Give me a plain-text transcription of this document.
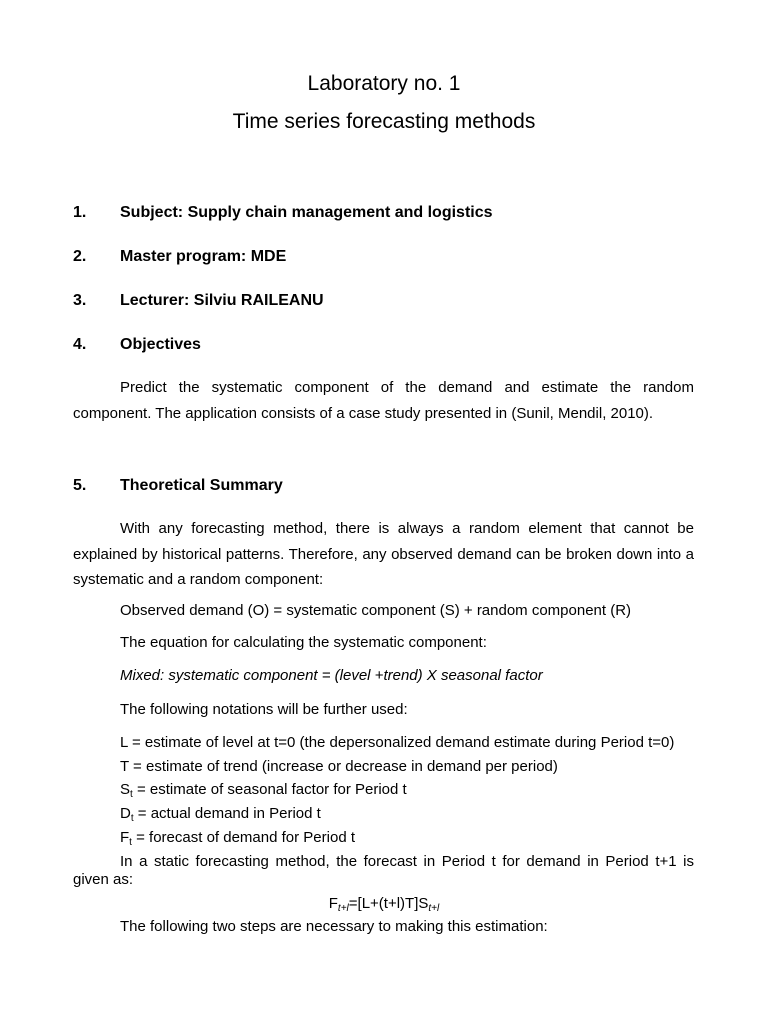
Laboratory no. 1
Time series forecasting methods
1. Subject: Supply chain management and logistics
2. Master program: MDE
3. Lecturer: Silviu RAILEANU
4. Objectives

Predict the systematic component of the demand and estimate the random component. The application consists of a case study presented in (Sunil, Mendil, 2010).

5. Theoretical Summary

With any forecasting method, there is always a random element that cannot be explained by historical patterns. Therefore, any observed demand can be broken down into a systematic and a random component:

Observed demand (O) = systematic component (S) + random component (R)

The equation for calculating the systematic component:

Mixed: systematic component = (level +trend) X seasonal factor

The following notations will be further used:

L = estimate of level at t=0 (the depersonalized demand estimate during Period t=0)

T = estimate of trend (increase or decrease in demand per period)

$S_t$ = estimate of seasonal factor for Period t

$D_t$ = actual demand in Period t

$F_t$ = forecast of demand for Period t

In a static forecasting method, the forecast in Period t for demand in Period t+1 is given as:

$F_{t+l}=[L+(t+l)T]S_{t+l}$

The following two steps are necessary to making this estimation:
